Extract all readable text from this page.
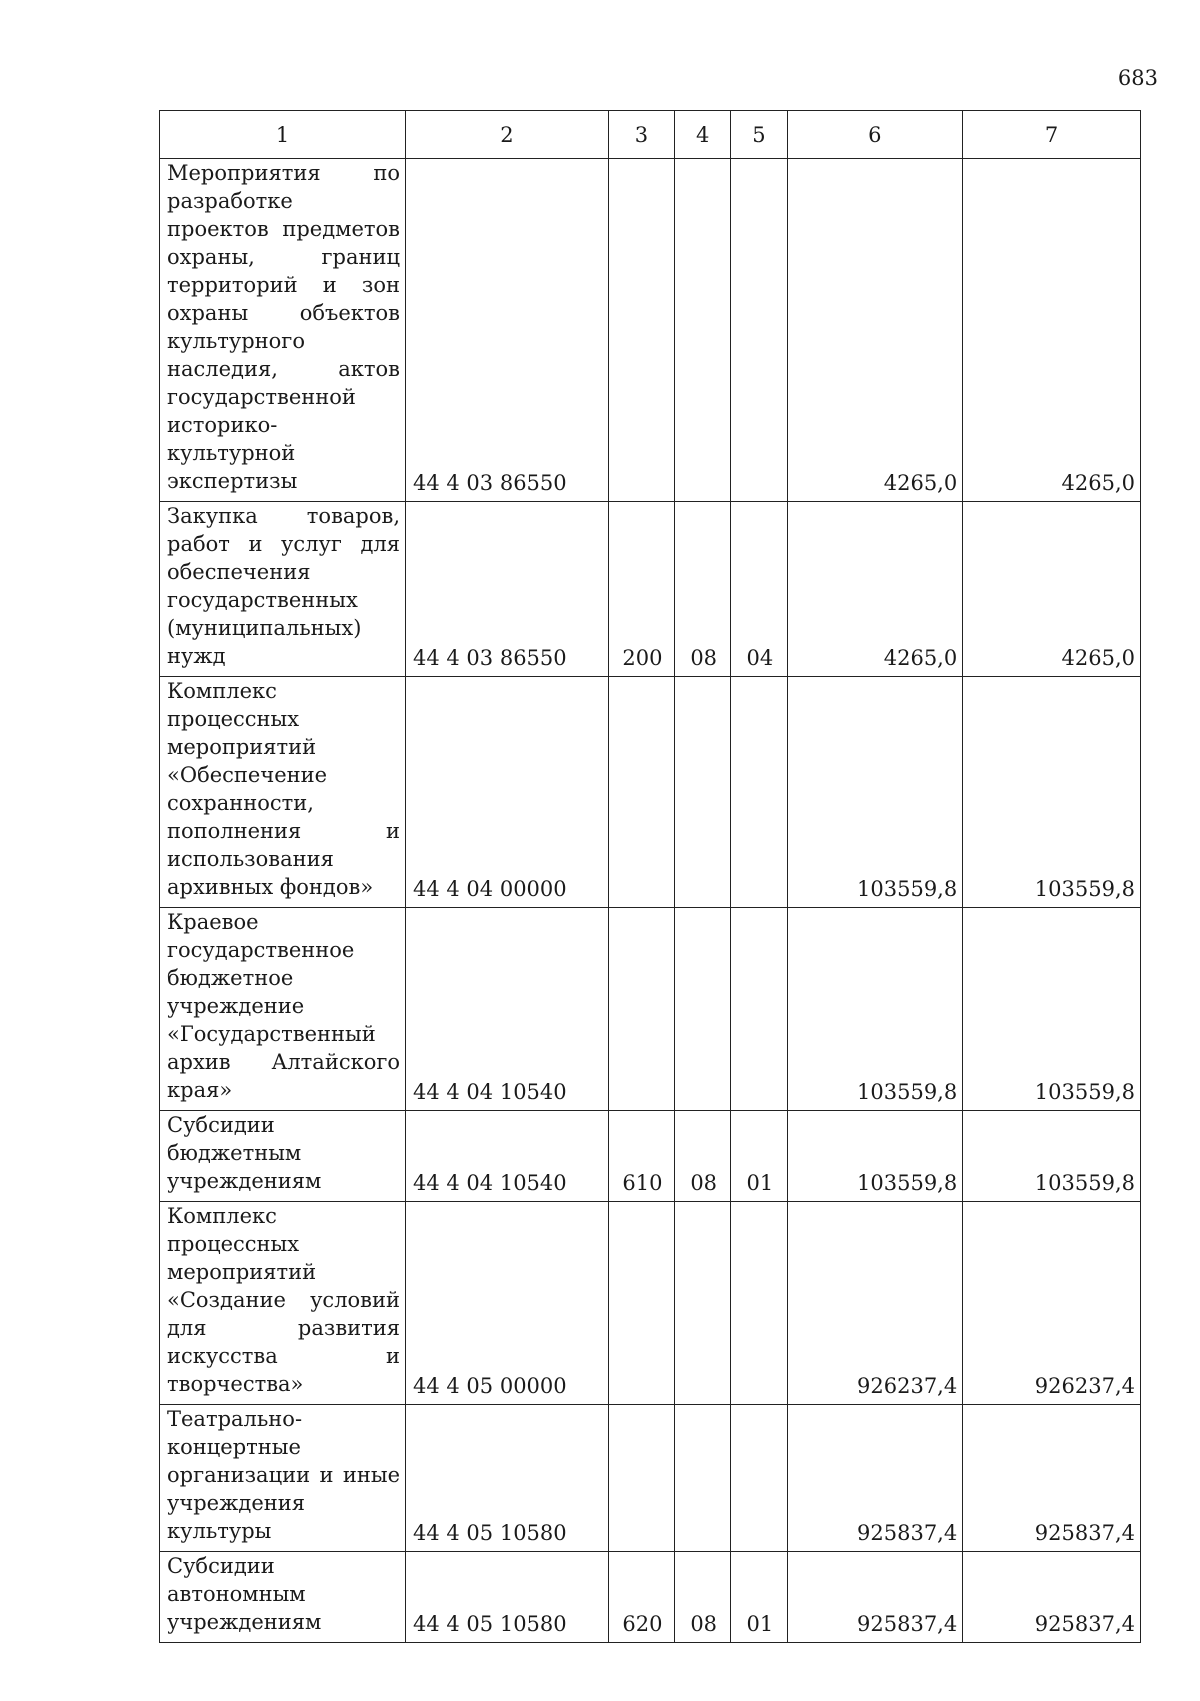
683
1	2	3	4	5	6	7
Мероприятия по разработке проектов предметов охраны, границ территорий и зон охраны объектов культурного наследия, актов государственной историко-культурной экспертизы	44 4 03 86550				4265,0	4265,0
Закупка товаров, работ и услуг для обеспечения государственных (муниципальных) нужд	44 4 03 86550	200	08	04	4265,0	4265,0
Комплекс процессных мероприятий «Обеспечение сохранности, пополнения и использования архивных фондов»	44 4 04 00000				103559,8	103559,8
Краевое государственное бюджетное учреждение «Государственный архив Алтайского края»	44 4 04 10540				103559,8	103559,8
Субсидии бюджетным учреждениям	44 4 04 10540	610	08	01	103559,8	103559,8
Комплекс процессных мероприятий «Создание условий для развития искусства и творчества»	44 4 05 00000				926237,4	926237,4
Театрально-концертные организации и иные учреждения культуры	44 4 05 10580				925837,4	925837,4
Субсидии автономным учреждениям	44 4 05 10580	620	08	01	925837,4	925837,4
